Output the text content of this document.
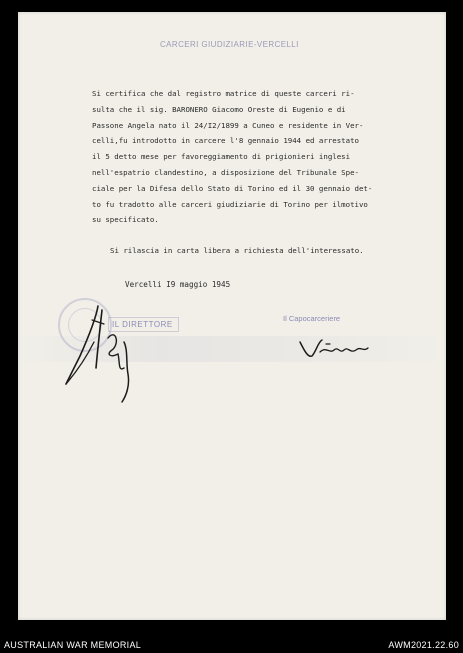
CARCERI GIUDIZIARIE-VERCELLI
Si certifica che dal registro matrice di queste carceri ri-
sulta che il sig. BARONERO Giacomo Oreste di Eugenio e di
Passone Angela nato il 24/I2/1899 a Cuneo e residente in Ver-
celli,fu introdotto in carcere l'8 gennaio 1944 ed arrestato
il 5 detto mese per favoreggiamento di prigionieri inglesi
nell'espatrio clandestino, a disposizione del Tribunale Spe-
ciale per la Difesa dello Stato di Torino ed il 30 gennaio det-
to fu tradotto alle carceri giudiziarie di Torino per ilmotivo
su specificato.
Si rilascia in carta libera a richiesta dell'interessato.
Vercelli I9 maggio 1945
IL DIRETTORE
Il Capocarceriere
AUSTRALIAN WAR MEMORIAL	AWM2021.22.60
